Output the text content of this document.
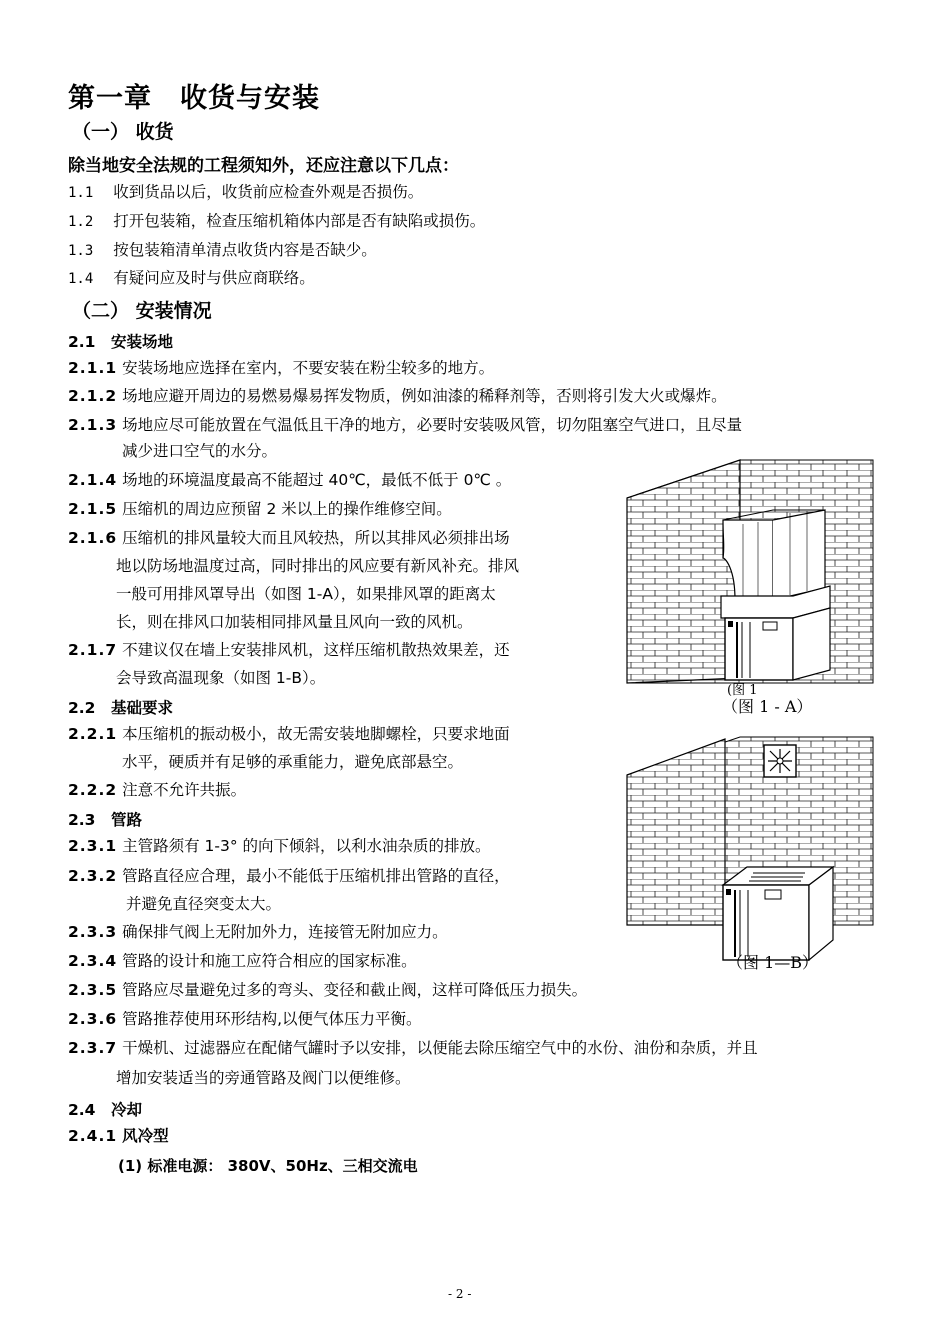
第一章　收货与安装
（一） 收货
除当地安全法规的工程须知外，还应注意以下几点：
1.1 收到货品以后，收货前应检查外观是否损伤。
1.2 打开包装箱，检查压缩机箱体内部是否有缺陷或损伤。
1.3 按包装箱清单清点收货内容是否缺少。
1.4 有疑问应及时与供应商联络。
（二） 安装情况
2.1　安装场地
2.1.1 安装场地应选择在室内，不要安装在粉尘较多的地方。
2.1.2 场地应避开周边的易燃易爆易挥发物质，例如油漆的稀释剂等，否则将引发大火或爆炸。
2.1.3 场地应尽可能放置在气温低且干净的地方，必要时安装吸风管，切勿阻塞空气进口，且尽量
减少进口空气的水分。
2.1.4 场地的环境温度最高不能超过 40℃，最低不低于 0℃ 。
2.1.5 压缩机的周边应预留 2 米以上的操作维修空间。
2.1.6 压缩机的排风量较大而且风较热，所以其排风必须排出场
地以防场地温度过高，同时排出的风应要有新风补充。排风
一般可用排风罩导出（如图 1-A），如果排风罩的距离太
长，则在排风口加装相同排风量且风向一致的风机。
2.1.7 不建议仅在墙上安装排风机，这样压缩机散热效果差，还
会导致高温现象（如图 1-B）。
2.2　基础要求
2.2.1 本压缩机的振动极小，故无需安装地脚螺栓，只要求地面
水平，硬质并有足够的承重能力，避免底部悬空。
2.2.2 注意不允许共振。
2.3　管路
2.3.1 主管路须有 1-3° 的向下倾斜，以利水油杂质的排放。
2.3.2 管路直径应合理，最小不能低于压缩机排出管路的直径，
并避免直径突变太大。
2.3.3 确保排气阀上无附加外力，连接管无附加应力。
2.3.4 管路的设计和施工应符合相应的国家标准。
2.3.5 管路应尽量避免过多的弯头、变径和截止阀，这样可降低压力损失。
2.3.6 管路推荐使用环形结构,以便气体压力平衡。
2.3.7 干燥机、过滤器应在配储气罐时予以安排，以便能去除压缩空气中的水份、油份和杂质，并且
增加安装适当的旁通管路及阀门以便维修。
2.4　冷却
2.4.1 风冷型
(1) 标准电源： 380V、50Hz、三相交流电
(图 1
（图 1 - A）
（图 1—B）
- 2 -
